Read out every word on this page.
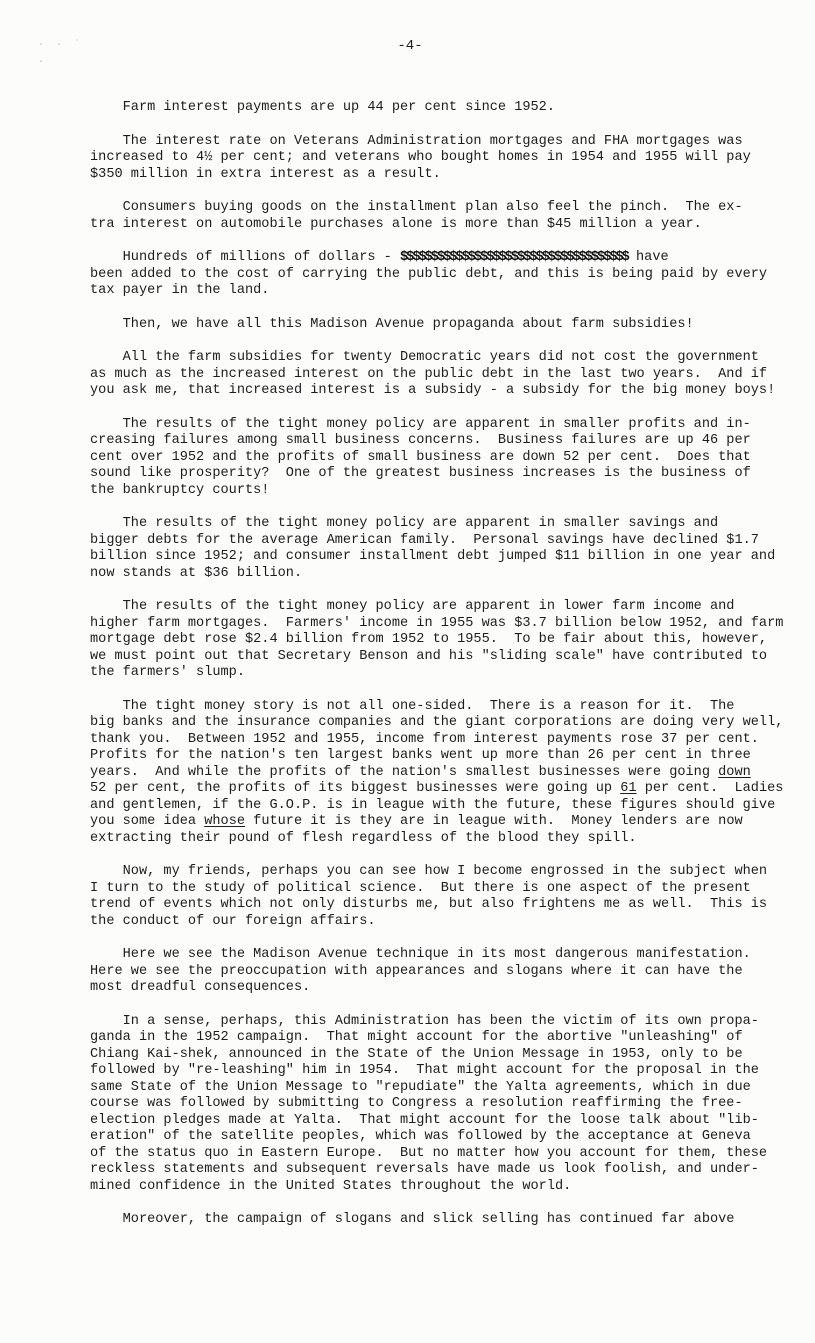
· · ˙ ·
-4-
Farm interest payments are up 44 per cent since 1952.
The interest rate on Veterans Administration mortgages and FHA mortgages was
increased to 4½ per cent; and veterans who bought homes in 1954 and 1955 will pay
$350 million in extra interest as a result.
Consumers buying goods on the installment plan also feel the pinch.  The ex-
tra interest on automobile purchases alone is more than $45 million a year.
Hundreds of millions of dollars - $$$$$$$$$$$$$$$$$$$$$$$$$$$$$$$$$$$$$ have
been added to the cost of carrying the public debt, and this is being paid by every
tax payer in the land.
Then, we have all this Madison Avenue propaganda about farm subsidies!
All the farm subsidies for twenty Democratic years did not cost the government
as much as the increased interest on the public debt in the last two years.  And if
you ask me, that increased interest is a subsidy - a subsidy for the big money boys!
The results of the tight money policy are apparent in smaller profits and in-
creasing failures among small business concerns.  Business failures are up 46 per
cent over 1952 and the profits of small business are down 52 per cent.  Does that
sound like prosperity?  One of the greatest business increases is the business of
the bankruptcy courts!
The results of the tight money policy are apparent in smaller savings and
bigger debts for the average American family.  Personal savings have declined $1.7
billion since 1952; and consumer installment debt jumped $11 billion in one year and
now stands at $36 billion.
The results of the tight money policy are apparent in lower farm income and
higher farm mortgages.  Farmers' income in 1955 was $3.7 billion below 1952, and farm
mortgage debt rose $2.4 billion from 1952 to 1955.  To be fair about this, however,
we must point out that Secretary Benson and his "sliding scale" have contributed to
the farmers' slump.
The tight money story is not all one-sided.  There is a reason for it.  The
big banks and the insurance companies and the giant corporations are doing very well,
thank you.  Between 1952 and 1955, income from interest payments rose 37 per cent.
Profits for the nation's ten largest banks went up more than 26 per cent in three
years.  And while the profits of the nation's smallest businesses were going down
52 per cent, the profits of its biggest businesses were going up 61 per cent.  Ladies
and gentlemen, if the G.O.P. is in league with the future, these figures should give
you some idea whose future it is they are in league with.  Money lenders are now
extracting their pound of flesh regardless of the blood they spill.
Now, my friends, perhaps you can see how I become engrossed in the subject when
I turn to the study of political science.  But there is one aspect of the present
trend of events which not only disturbs me, but also frightens me as well.  This is
the conduct of our foreign affairs.
Here we see the Madison Avenue technique in its most dangerous manifestation.
Here we see the preoccupation with appearances and slogans where it can have the
most dreadful consequences.
In a sense, perhaps, this Administration has been the victim of its own propa-
ganda in the 1952 campaign.  That might account for the abortive "unleashing" of
Chiang Kai-shek, announced in the State of the Union Message in 1953, only to be
followed by "re-leashing" him in 1954.  That might account for the proposal in the
same State of the Union Message to "repudiate" the Yalta agreements, which in due
course was followed by submitting to Congress a resolution reaffirming the free-
election pledges made at Yalta.  That might account for the loose talk about "lib-
eration" of the satellite peoples, which was followed by the acceptance at Geneva
of the status quo in Eastern Europe.  But no matter how you account for them, these
reckless statements and subsequent reversals have made us look foolish, and under-
mined confidence in the United States throughout the world.
Moreover, the campaign of slogans and slick selling has continued far above
